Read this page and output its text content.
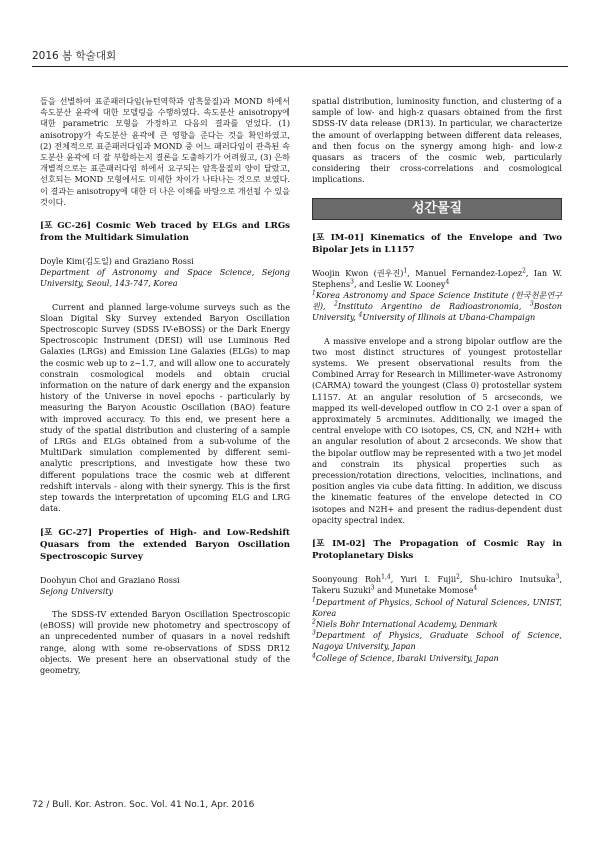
2016 봄 학술대회

들을 선별하여 표준패러다임(뉴턴역학과 암흑물질)과 MOND 하에서 속도분산 윤곽에 대한 모델링을 수행하였다. 속도분산 anisotropy에 대한 parametric 모형을 가정하고 다음의 결과를 얻었다. (1) anisotropy가 속도분산 윤곽에 큰 영향을 준다는 것을 확인하였고, (2) 전체적으로 표준패러다임과 MOND 중 어느 패러다임이 관측된 속도분산 윤곽에 더 잘 부합하는지 결론을 도출하기가 어려웠고, (3) 은하 개별적으로는 표준패러다임 하에서 요구되는 암흑물질의 양이 달랐고, 선호되는 MOND 모형에서도 미세한 차이가 나타나는 것으로 보였다. 이 결과는 anisotropy에 대한 더 나은 이해를 바탕으로 개선될 수 있을 것이다.

[포 GC-26] Cosmic Web traced by ELGs and LRGs from the Multidark Simulation

Doyle Kim(김도일) and Graziano Rossi

Department of Astronomy and Space Science, Sejong University, Seoul, 143-747, Korea

Current and planned large-volume surveys such as the Sloan Digital Sky Survey extended Baryon Oscillation Spectroscopic Survey (SDSS IV-eBOSS) or the Dark Energy Spectroscopic Instrument (DESI) will use Luminous Red Galaxies (LRGs) and Emission Line Galaxies (ELGs) to map the cosmic web up to z~1.7, and will allow one to accurately constrain cosmological models and obtain crucial information on the nature of dark energy and the expansion history of the Universe in novel epochs - particularly by measuring the Baryon Acoustic Oscillation (BAO) feature with improved accuracy. To this end, we present here a study of the spatial distribution and clustering of a sample of LRGs and ELGs obtained from a sub-volume of the MultiDark simulation complemented by different semi-analytic prescriptions, and investigate how these two different populations trace the cosmic web at different redshift intervals - along with their synergy. This is the first step towards the interpretation of upcoming ELG and LRG data.

[포 GC-27] Properties of High- and Low-Redshift Quasars from the extended Baryon Oscillation Spectroscopic Survey

Doohyun Choi and Graziano Rossi

Sejong University

The SDSS-IV extended Baryon Oscillation Spectroscopic (eBOSS) will provide new photometry and spectroscopy of an unprecedented number of quasars in a novel redshift range, along with some re-observations of SDSS DR12 objects. We present here an observational study of the geometry,

spatial distribution, luminosity function, and clustering of a sample of low- and high-z quasars obtained from the first SDSS-IV data release (DR13). In particular, we characterize the amount of overlapping between different data releases, and then focus on the synergy among high- and low-z quasars as tracers of the cosmic web, particularly considering their cross-correlations and cosmological implications.

성간물질

[포 IM-01] Kinematics of the Envelope and Two Bipolar Jets in L1157

Woojin Kwon (권우진)$^1$, Manuel Fernandez-Lopez$^2$, Ian W. Stephens$^3$, and Leslie W. Looney$^4$

$^1$Korea Astronomy and Space Science Institute (한국천문연구원), $^2$Instituto Argentino de Radioastronomia, $^3$Boston University, $^4$University of Illinois at Ubana-Champaign

A massive envelope and a strong bipolar outflow are the two most distinct structures of youngest protostellar systems. We present observational results from the Combined Array for Research in Millimeter-wave Astronomy (CARMA) toward the youngest (Class 0) protostellar system L1157. At an angular resolution of 5 arcseconds, we mapped its well-developed outflow in CO 2-1 over a span of approximately 5 arcminutes. Additionally, we imaged the central envelope with CO isotopes, CS, CN, and N2H+ with an angular resolution of about 2 arcseconds. We show that the bipolar outflow may be represented with a two jet model and constrain its physical properties such as precession/rotation directions, velocities, inclinations, and position angles via cube data fitting. In addition, we discuss the kinematic features of the envelope detected in CO isotopes and N2H+ and present the radius-dependent dust opacity spectral index.

[포 IM-02] The Propagation of Cosmic Ray in Protoplanetary Disks

Soonyoung Roh$^{1,4}$, Yuri I. Fujii$^2$, Shu-ichiro Inutsuka$^3$, Takeru Suzuki$^3$ and Munetake Momose$^4$

$^1$Department of Physics, School of Natural Sciences, UNIST, Korea

$^2$Niels Bohr International Academy, Denmark

$^3$Department of Physics, Graduate School of Science, Nagoya University, Japan

$^4$College of Science, Ibaraki University, Japan

72 / Bull. Kor. Astron. Soc. Vol. 41 No.1, Apr. 2016
